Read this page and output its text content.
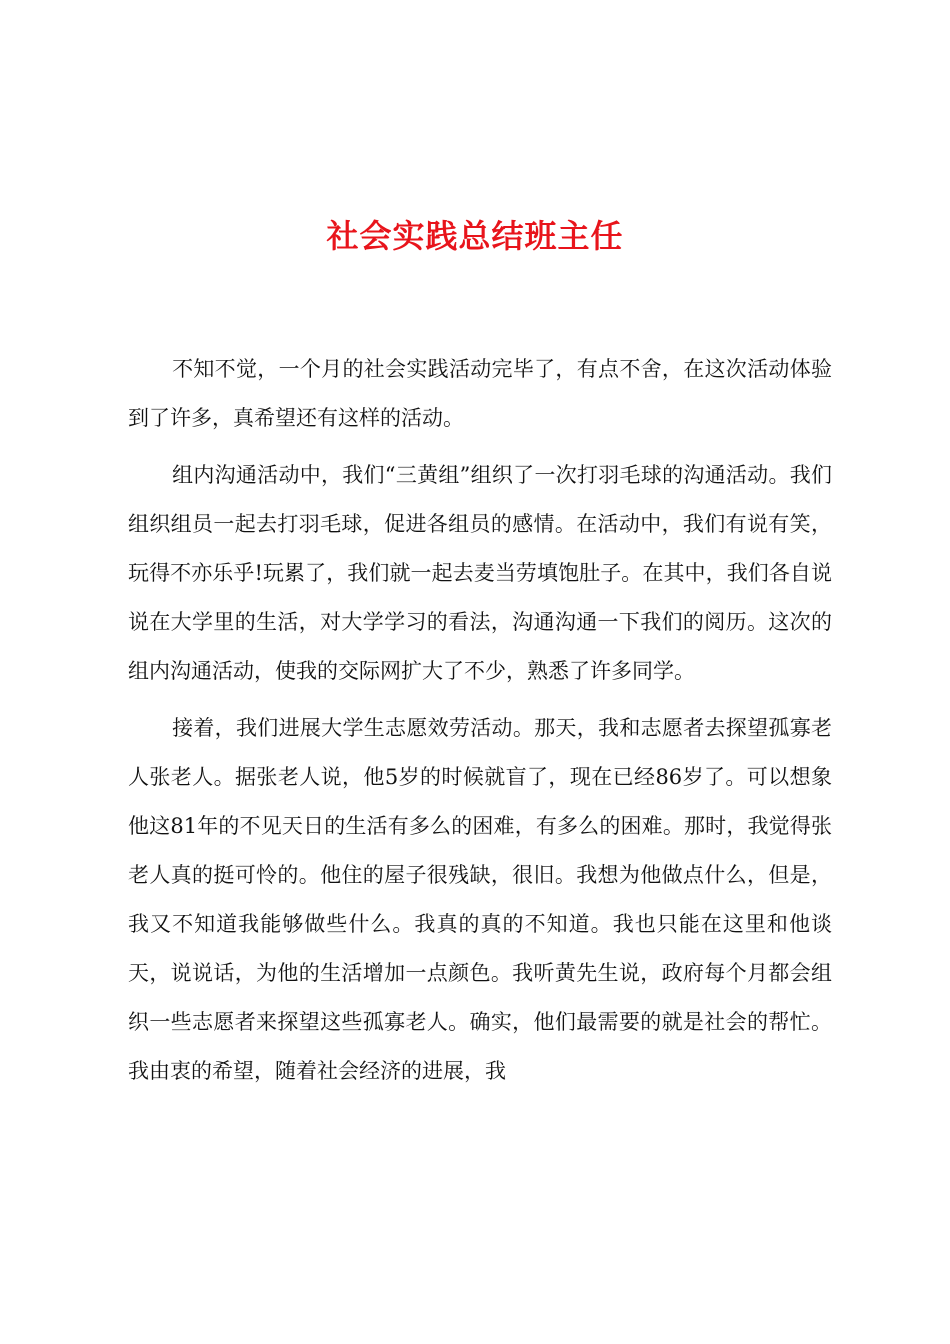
社会实践总结班主任

不知不觉，一个月的社会实践活动完毕了，有点不舍，在这次活动体验到了许多，真希望还有这样的活动。

组内沟通活动中，我们“三黄组”组织了一次打羽毛球的沟通活动。我们组织组员一起去打羽毛球，促进各组员的感情。在活动中，我们有说有笑，玩得不亦乐乎!玩累了，我们就一起去麦当劳填饱肚子。在其中，我们各自说说在大学里的生活，对大学学习的看法，沟通沟通一下我们的阅历。这次的组内沟通活动，使我的交际网扩大了不少，熟悉了许多同学。

接着，我们进展大学生志愿效劳活动。那天，我和志愿者去探望孤寡老人张老人。据张老人说，他5岁的时候就盲了，现在已经86岁了。可以想象他这81年的不见天日的生活有多么的困难，有多么的困难。那时，我觉得张老人真的挺可怜的。他住的屋子很残缺，很旧。我想为他做点什么，但是，我又不知道我能够做些什么。我真的真的不知道。我也只能在这里和他谈天，说说话，为他的生活增加一点颜色。我听黄先生说，政府每个月都会组织一些志愿者来探望这些孤寡老人。确实，他们最需要的就是社会的帮忙。我由衷的希望，随着社会经济的进展，我
